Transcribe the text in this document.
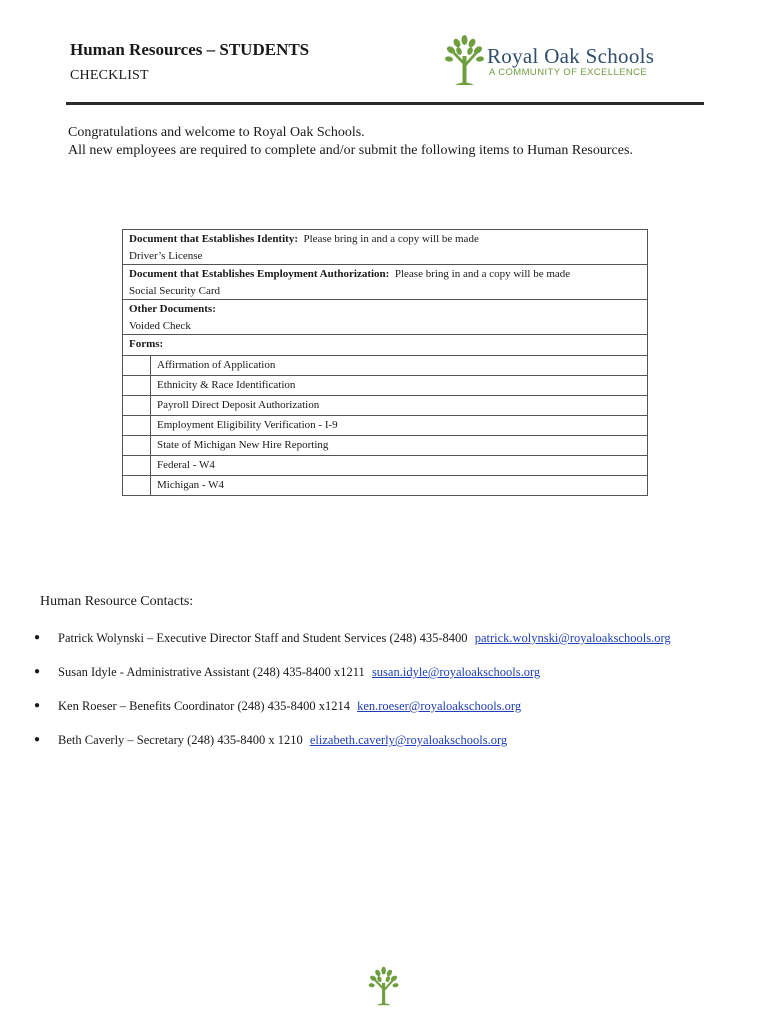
Human Resources – STUDENTS
CHECKLIST
Royal Oak Schools
A COMMUNITY OF EXCELLENCE
Congratulations and welcome to Royal Oak Schools.
All new employees are required to complete and/or submit the following items to Human Resources.
Document that Establishes Identity: Please bring in and a copy will be made
Driver’s License
Document that Establishes Employment Authorization: Please bring in and a copy will be made
Social Security Card
Other Documents:
Voided Check
Forms:
	Affirmation of Application
	Ethnicity & Race Identification
	Payroll Direct Deposit Authorization
	Employment Eligibility Verification - I-9
	State of Michigan New Hire Reporting
	Federal - W4
	Michigan - W4
Human Resource Contacts:
● Patrick Wolynski – Executive Director Staff and Student Services (248) 435-8400 patrick.wolynski@royaloakschools.org
● Susan Idyle - Administrative Assistant (248) 435-8400 x1211 susan.idyle@royaloakschools.org
● Ken Roeser – Benefits Coordinator (248) 435-8400 x1214 ken.roeser@royaloakschools.org
● Beth Caverly – Secretary (248) 435-8400 x 1210 elizabeth.caverly@royaloakschools.org
